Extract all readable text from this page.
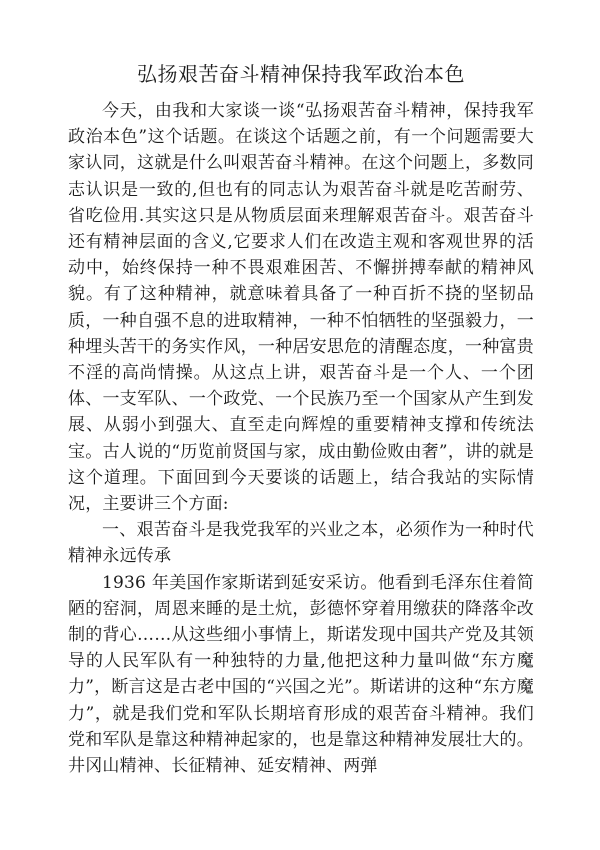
弘扬艰苦奋斗精神保持我军政治本色

今天，由我和大家谈一谈“弘扬艰苦奋斗精神，保持我军政治本色”这个话题。在谈这个话题之前，有一个问题需要大家认同，这就是什么叫艰苦奋斗精神。在这个问题上，多数同志认识是一致的,但也有的同志认为艰苦奋斗就是吃苦耐劳、省吃俭用.其实这只是从物质层面来理解艰苦奋斗。艰苦奋斗还有精神层面的含义,它要求人们在改造主观和客观世界的活动中，始终保持一种不畏艰难困苦、不懈拼搏奉献的精神风貌。有了这种精神，就意味着具备了一种百折不挠的坚韧品质，一种自强不息的进取精神，一种不怕牺牲的坚强毅力，一种埋头苦干的务实作风，一种居安思危的清醒态度，一种富贵不淫的高尚情操。从这点上讲，艰苦奋斗是一个人、一个团体、一支军队、一个政党、一个民族乃至一个国家从产生到发展、从弱小到强大、直至走向辉煌的重要精神支撑和传统法宝。古人说的“历览前贤国与家，成由勤俭败由奢”，讲的就是这个道理。下面回到今天要谈的话题上，结合我站的实际情况，主要讲三个方面:

一、艰苦奋斗是我党我军的兴业之本，必须作为一种时代精神永远传承

1936 年美国作家斯诺到延安采访。他看到毛泽东住着简陋的窑洞，周恩来睡的是土炕，彭德怀穿着用缴获的降落伞改制的背心……从这些细小事情上，斯诺发现中国共产党及其领导的人民军队有一种独特的力量,他把这种力量叫做“东方魔力”，断言这是古老中国的“兴国之光”。斯诺讲的这种“东方魔力”，就是我们党和军队长期培育形成的艰苦奋斗精神。我们党和军队是靠这种精神起家的，也是靠这种精神发展壮大的。井冈山精神、长征精神、延安精神、两弹
